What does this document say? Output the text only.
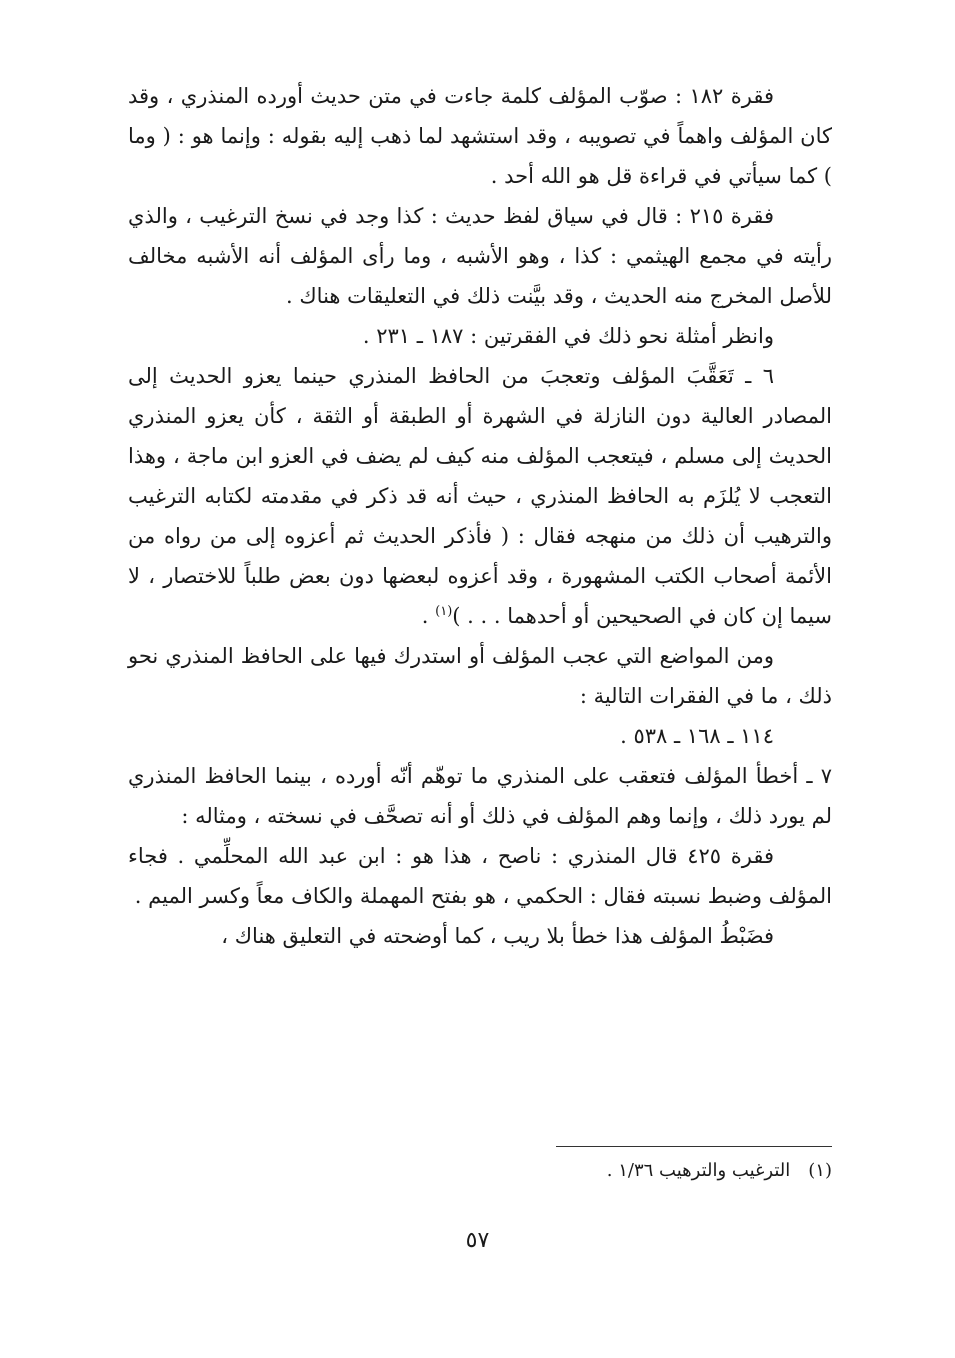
فقرة ١٨٢ : صوّب المؤلف كلمة جاءت في متن حديث أورده المنذري ، وقد كان المؤلف واهماً في تصويبه ، وقد استشهد لما ذهب إليه بقوله : وإنما هو : ( وما ) كما سيأتي في قراءة قل هو الله أحد .

فقرة ٢١٥ : قال في سياق لفظ حديث : كذا وجد في نسخ الترغيب ، والذي رأيته في مجمع الهيثمي : كذا ، وهو الأشبه ، وما رأى المؤلف أنه الأشبه مخالف للأصل المخرج منه الحديث ، وقد بيَّنت ذلك في التعليقات هناك .

وانظر أمثلة نحو ذلك في الفقرتين : ١٨٧ ـ ٢٣١ .

٦ ـ تَعَقَّبَ المؤلف وتعجبَ من الحافظ المنذري حينما يعزو الحديث إلى المصادر العالية دون النازلة في الشهرة أو الطبقة أو الثقة ، كأن يعزو المنذري الحديث إلى مسلم ، فيتعجب المؤلف منه كيف لم يضف في العزو ابن ماجة ، وهذا التعجب لا يُلزَم به الحافظ المنذري ، حيث أنه قد ذكر في مقدمته لكتابه الترغيب والترهيب أن ذلك من منهجه فقال : ( فأذكر الحديث ثم أعزوه إلى من رواه من الأئمة أصحاب الكتب المشهورة ، وقد أعزوه لبعضها دون بعض طلباً للاختصار ، لا سيما إن كان في الصحيحين أو أحدهما . . . )$^{(١)}$ .

ومن المواضع التي عجب المؤلف أو استدرك فيها على الحافظ المنذري نحو ذلك ، ما في الفقرات التالية :

١١٤ ـ ١٦٨ ـ ٥٣٨ .

٧ ـ أخطأ المؤلف فتعقب على المنذري ما توهّم أنّه أورده ، بينما الحافظ المنذري لم يورد ذلك ، وإنما وهم المؤلف في ذلك أو أنه تصحَّف في نسخته ، ومثاله :

فقرة ٤٢٥ قال المنذري : ناصح ، هذا هو : ابن عبد الله المحلِّمي . فجاء المؤلف وضبط نسبته فقال : الحكمي ، هو بفتح المهملة والكاف معاً وكسر الميم .

فضَبْطُ المؤلف هذا خطأ بلا ريب ، كما أوضحته في التعليق هناك ،

(١)الترغيب والترهيب ١/٣٦ .
٥٧
